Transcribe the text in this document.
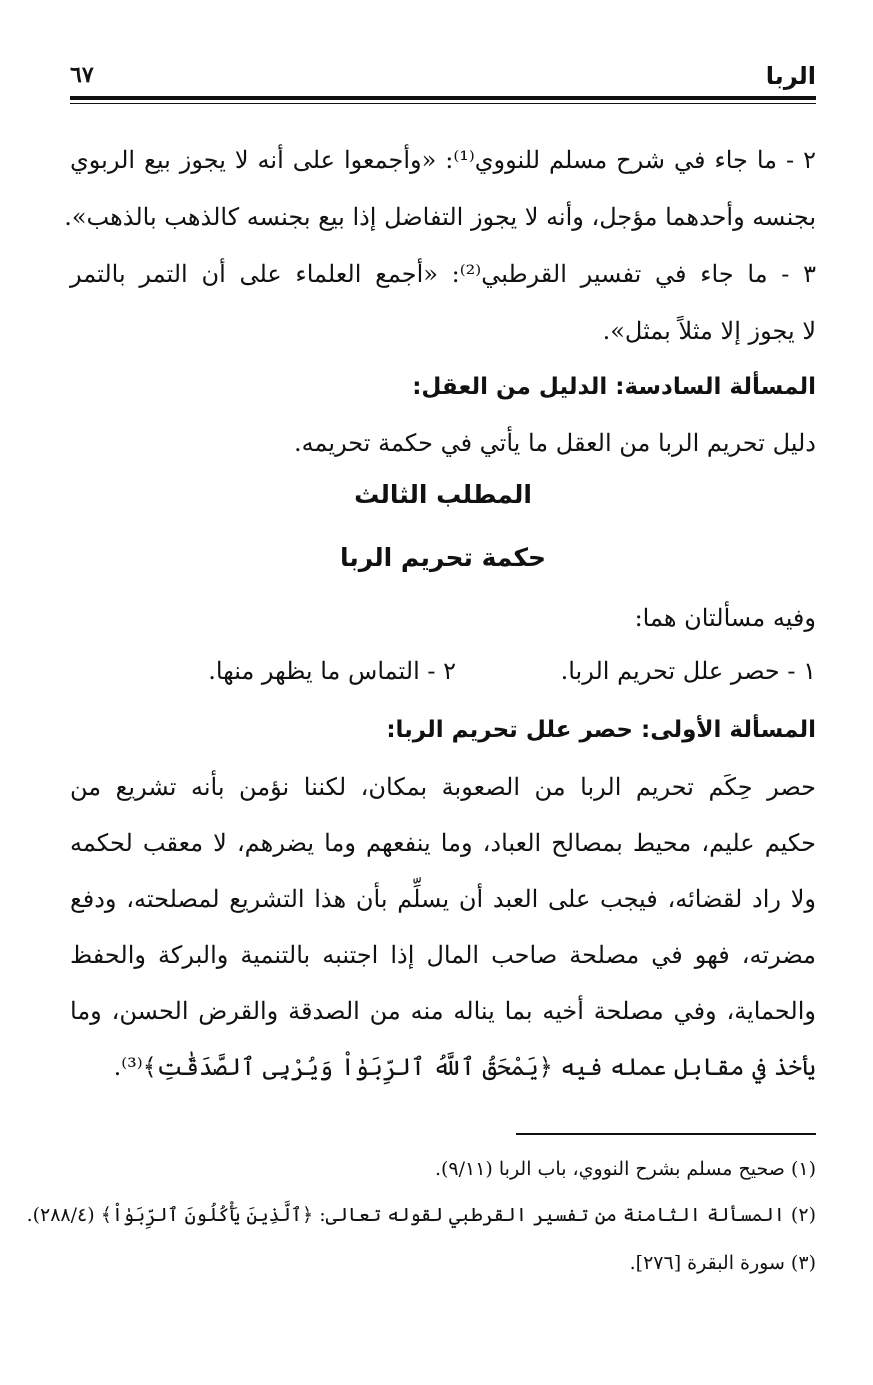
الربا
٦٧
٢ - ما جاء في شرح مسلم للنووي⁽¹⁾: «وأجمعوا على أنه لا يجوز بيع الربوي
بجنسه وأحدهما مؤجل، وأنه لا يجوز التفاضل إذا بيع بجنسه كالذهب بالذهب».
٣ - ما جاء في تفسير القرطبي⁽²⁾: «أجمع العلماء على أن التمر بالتمر
لا يجوز إلا مثلاً بمثل».
المسألة السادسة: الدليل من العقل:
دليل تحريم الربا من العقل ما يأتي في حكمة تحريمه.
المطلب الثالث
حكمة تحريم الربا
وفيه مسألتان هما:
١ - حصر علل تحريم الربا.
٢ - التماس ما يظهر منها.
المسألة الأولى: حصر علل تحريم الربا:
حصر حِكَم تحريم الربا من الصعوبة بمكان، لكننا نؤمن بأنه تشريع من
حكيم عليم، محيط بمصالح العباد، وما ينفعهم وما يضرهم، لا معقب لحكمه
ولا راد لقضائه، فيجب على العبد أن يسلِّم بأن هذا التشريع لمصلحته، ودفع
مضرته، فهو في مصلحة صاحب المال إذا اجتنبه بالتنمية والبركة والحفظ
والحماية، وفي مصلحة أخيه بما يناله منه من الصدقة والقرض الحسن، وما
يأخذ في مقابل عمله فيه ﴿يَمْحَقُ ٱللَّهُ ٱلرِّبَوٰاْ وَيُرْبِى ٱلصَّدَقَٰتِ﴾⁽³⁾.
(١) صحيح مسلم بشرح النووي، باب الربا (٩/١١).
(٢) المسألة الثامنة من تفسير القرطبي لقوله تعالى: ﴿ٱلَّذِينَ يَأْكُلُونَ ٱلرِّبَوٰاْ﴾ (٢٨٨/٤).
(٣) سورة البقرة [٢٧٦].
